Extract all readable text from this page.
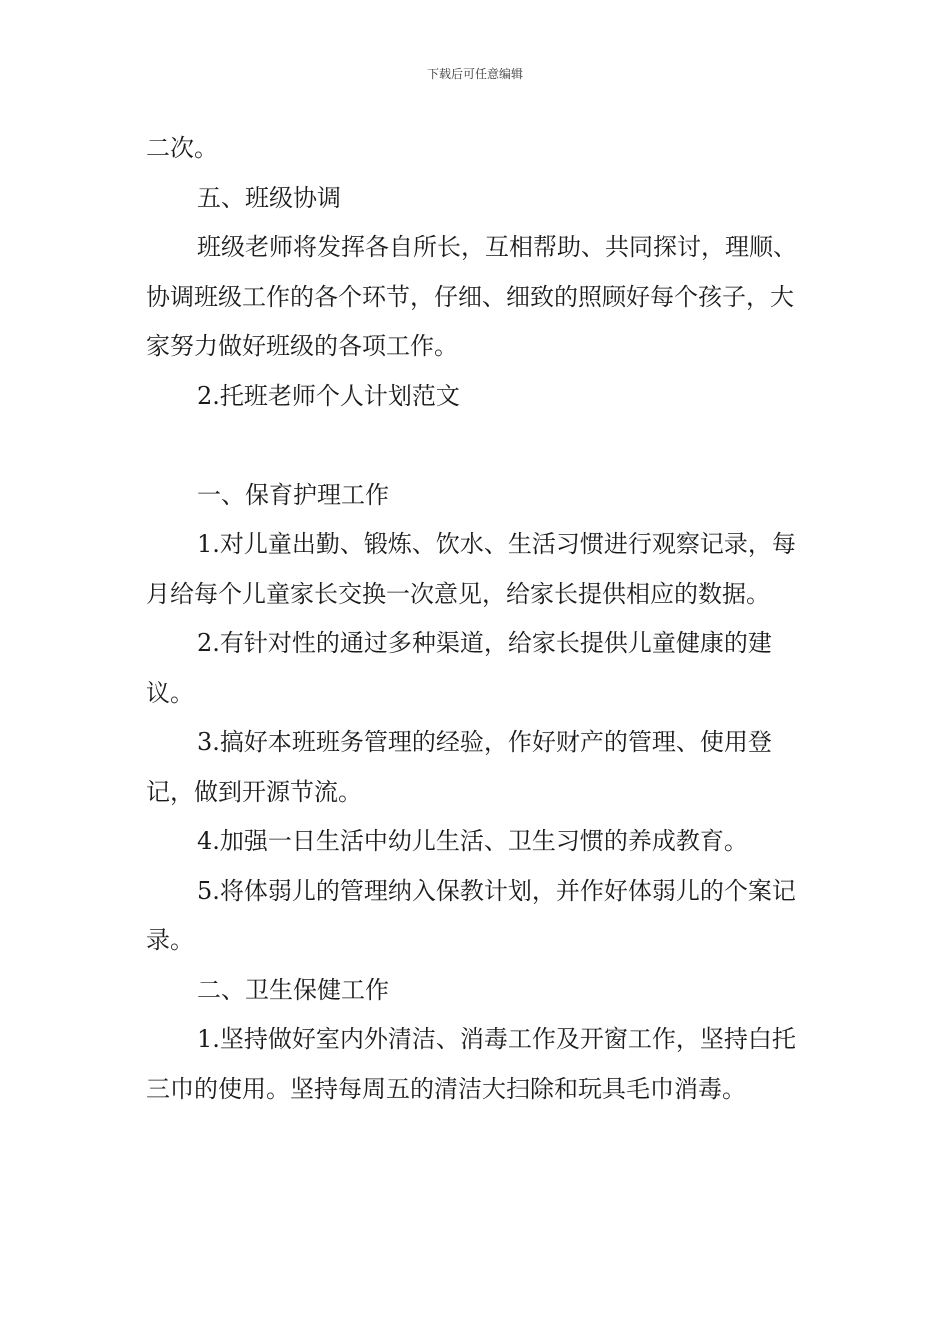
下载后可任意编辑

二次。

五、班级协调

班级老师将发挥各自所长，互相帮助、共同探讨，理顺、协调班级工作的各个环节，仔细、细致的照顾好每个孩子，大家努力做好班级的各项工作。

2.托班老师个人计划范文

一、保育护理工作

1.对儿童出勤、锻炼、饮水、生活习惯进行观察记录，每月给每个儿童家长交换一次意见，给家长提供相应的数据。

2.有针对性的通过多种渠道，给家长提供儿童健康的建议。

3.搞好本班班务管理的经验，作好财产的管理、使用登记，做到开源节流。

4.加强一日生活中幼儿生活、卫生习惯的养成教育。

5.将体弱儿的管理纳入保教计划，并作好体弱儿的个案记录。

二、卫生保健工作

1.坚持做好室内外清洁、消毒工作及开窗工作，坚持白托三巾的使用。坚持每周五的清洁大扫除和玩具毛巾消毒。
